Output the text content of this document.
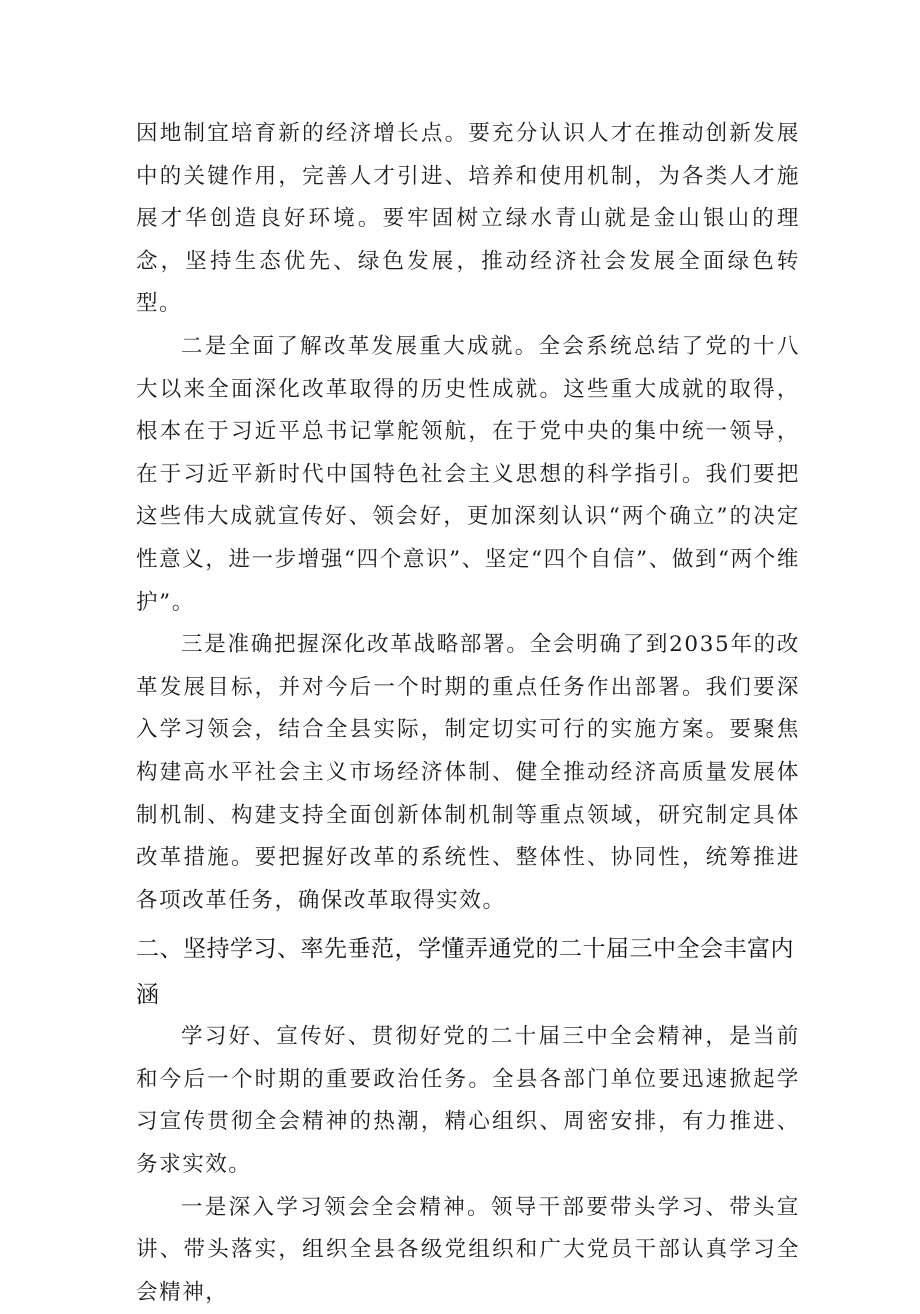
因地制宜培育新的经济增长点。要充分认识人才在推动创新发展中的关键作用，完善人才引进、培养和使用机制，为各类人才施展才华创造良好环境。要牢固树立绿水青山就是金山银山的理念，坚持生态优先、绿色发展，推动经济社会发展全面绿色转型。

二是全面了解改革发展重大成就。全会系统总结了党的十八大以来全面深化改革取得的历史性成就。这些重大成就的取得，根本在于习近平总书记掌舵领航，在于党中央的集中统一领导，在于习近平新时代中国特色社会主义思想的科学指引。我们要把这些伟大成就宣传好、领会好，更加深刻认识“两个确立”的决定性意义，进一步增强“四个意识”、坚定“四个自信”、做到“两个维护”。

三是准确把握深化改革战略部署。全会明确了到2035年的改革发展目标，并对今后一个时期的重点任务作出部署。我们要深入学习领会，结合全县实际，制定切实可行的实施方案。要聚焦构建高水平社会主义市场经济体制、健全推动经济高质量发展体制机制、构建支持全面创新体制机制等重点领域，研究制定具体改革措施。要把握好改革的系统性、整体性、协同性，统筹推进各项改革任务，确保改革取得实效。

二、坚持学习、率先垂范，学懂弄通党的二十届三中全会丰富内涵

学习好、宣传好、贯彻好党的二十届三中全会精神，是当前和今后一个时期的重要政治任务。全县各部门单位要迅速掀起学习宣传贯彻全会精神的热潮，精心组织、周密安排，有力推进、务求实效。

一是深入学习领会全会精神。领导干部要带头学习、带头宣讲、带头落实，组织全县各级党组织和广大党员干部认真学习全会精神，
